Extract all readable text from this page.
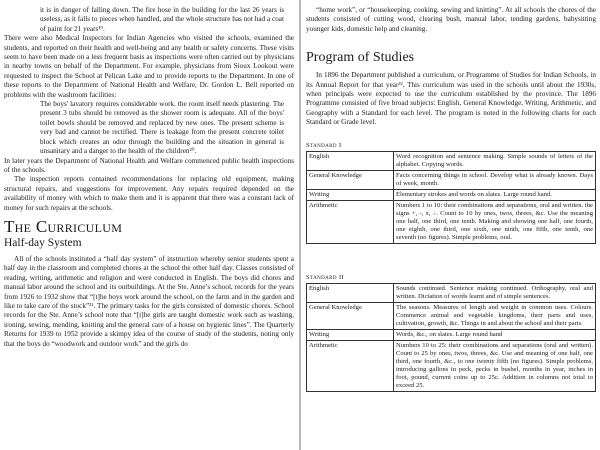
it is in danger of falling down. The fire hose in the building for the last 26 years is useless, as it falls to pieces when handled, and the whole structure has not had a coat of paint for 21 years¹⁹.

There were also Medical Inspectors for Indian Agencies who visited the schools, examined the students, and reported on their health and well-being and any health or safety concerns. These visits seem to have been made on a less frequent basis as inspections were often carried out by physicians in nearby towns on behalf of the Department. For example, physicians from Sioux Lookout were requested to inspect the School at Pelican Lake and to provide reports to the Department. In one of these reports to the Department of National Health and Welfare, Dr. Gordon L. Bell reported on problems with the washroom facilities:

The boys' lavatory requires considerable work. the room itself needs plastering. The present 3 tubs should be removed as the shower room is adequate. All of the boys' toilet bowls should be removed and replaced by new ones. The present scheme is very bad and cannot be rectified. There is leakage from the present concrete toilet block which creates an odor through the building and the situation in general is unsanitary and a danger to the health of the children²⁰.

In later years the Department of National Health and Welfare commenced public health inspections of the schools.

The inspection reports contained recommendations for replacing old equipment, making structural repairs, and suggestions for improvement. Any repairs required depended on the availability of money with which to make them and it is apparent that there was a constant lack of money for such repairs at the schools.

The Curriculum
Half-day System

All of the schools instituted a “half day system” of instruction whereby senior students spent a half day in the classroom and completed chores at the school the other half day. Classes consisted of reading, writing, arithmetic and religion and were conducted in English. The boys did chores and manual labor around the school and its outbuildings. At the Ste. Anne’s school, records for the years from 1926 to 1932 show that “[t]he boys work around the school, on the farm and in the garden and like to take care of the stock”²¹. The primary tasks for the girls consisted of domestic chores. School records for the Ste. Anne’s school note that “[t]he girls are taught domestic work such as washing, ironing, sewing, mending, knitting and the general care of a house on hygienic lines”. The Quarterly Returns for 1939 to 1952 provide a skimpy idea of the course of study of the students, noting only that the boys do “woodwork and outdoor work” and the girls do

“home work”, or “housekeeping, cooking, sewing and knitting”. At all schools the chores of the students consisted of cutting wood, clearing bush, manual labor, tending gardens, babysitting younger kids, domestic help and cleaning.

Program of Studies

In 1896 the Department published a curriculum, or Programme of Studies for Indian Schools, in its Annual Report for that year²². This curriculum was used in the schools until about the 1930s, when principals were expected to use the curriculum established by the province. The 1896 Programme consisted of five broad subjects: English, General Knowledge, Writing, Arithmetic, and Geography with a Standard for each level. The program is noted in the following charts for each Standard or Grade level.

Standard I
English	Word recognition and sentence making. Simple sounds of letters of the alphabet. Copying words.
General Knowledge	Facts concerning things in school. Develop what is already known. Days of week, month.
Writing	Elementary strokes and words on slates. Large round hand.
Arithmetic	Numbers 1 to 10: their combinations and separations, oral and written. the signs +, -, x, ÷. Count to 10 by ones, twos, threes, &c. Use the meaning one half, one third, one tenth. Making and showing one half, one fourth, one eighth, one third, one sixth, one ninth, one fifth, one tenth, one seventh (no figures). Simple problems, oral.
Standard II
English	Sounds continued. Sentence making continued. Orthography, oral and written. Dictation of words learnt and of simple sentences.
General Knowledge	The seasons. Measures of length and weight in common uses. Colours. Commence animal and vegetable kingdoms, their parts and uses, cultivation, growth, &c. Things in and about the school and their parts.
Writing	Words, &c., on slates. Large round hand
Arithmetic	Numbers 10 to 25: their combinations and separations (oral and written). Count to 25 by ones, twos, threes, &c. Use and meaning of one half, one third, one fourth, &c., to one twenty fifth (no figures). Simple problems, introducing gallons in peck, pecks in bushel, months in year, inches in foot, pound, current coins up to 25c. Addition in columns not total to exceed 25.
